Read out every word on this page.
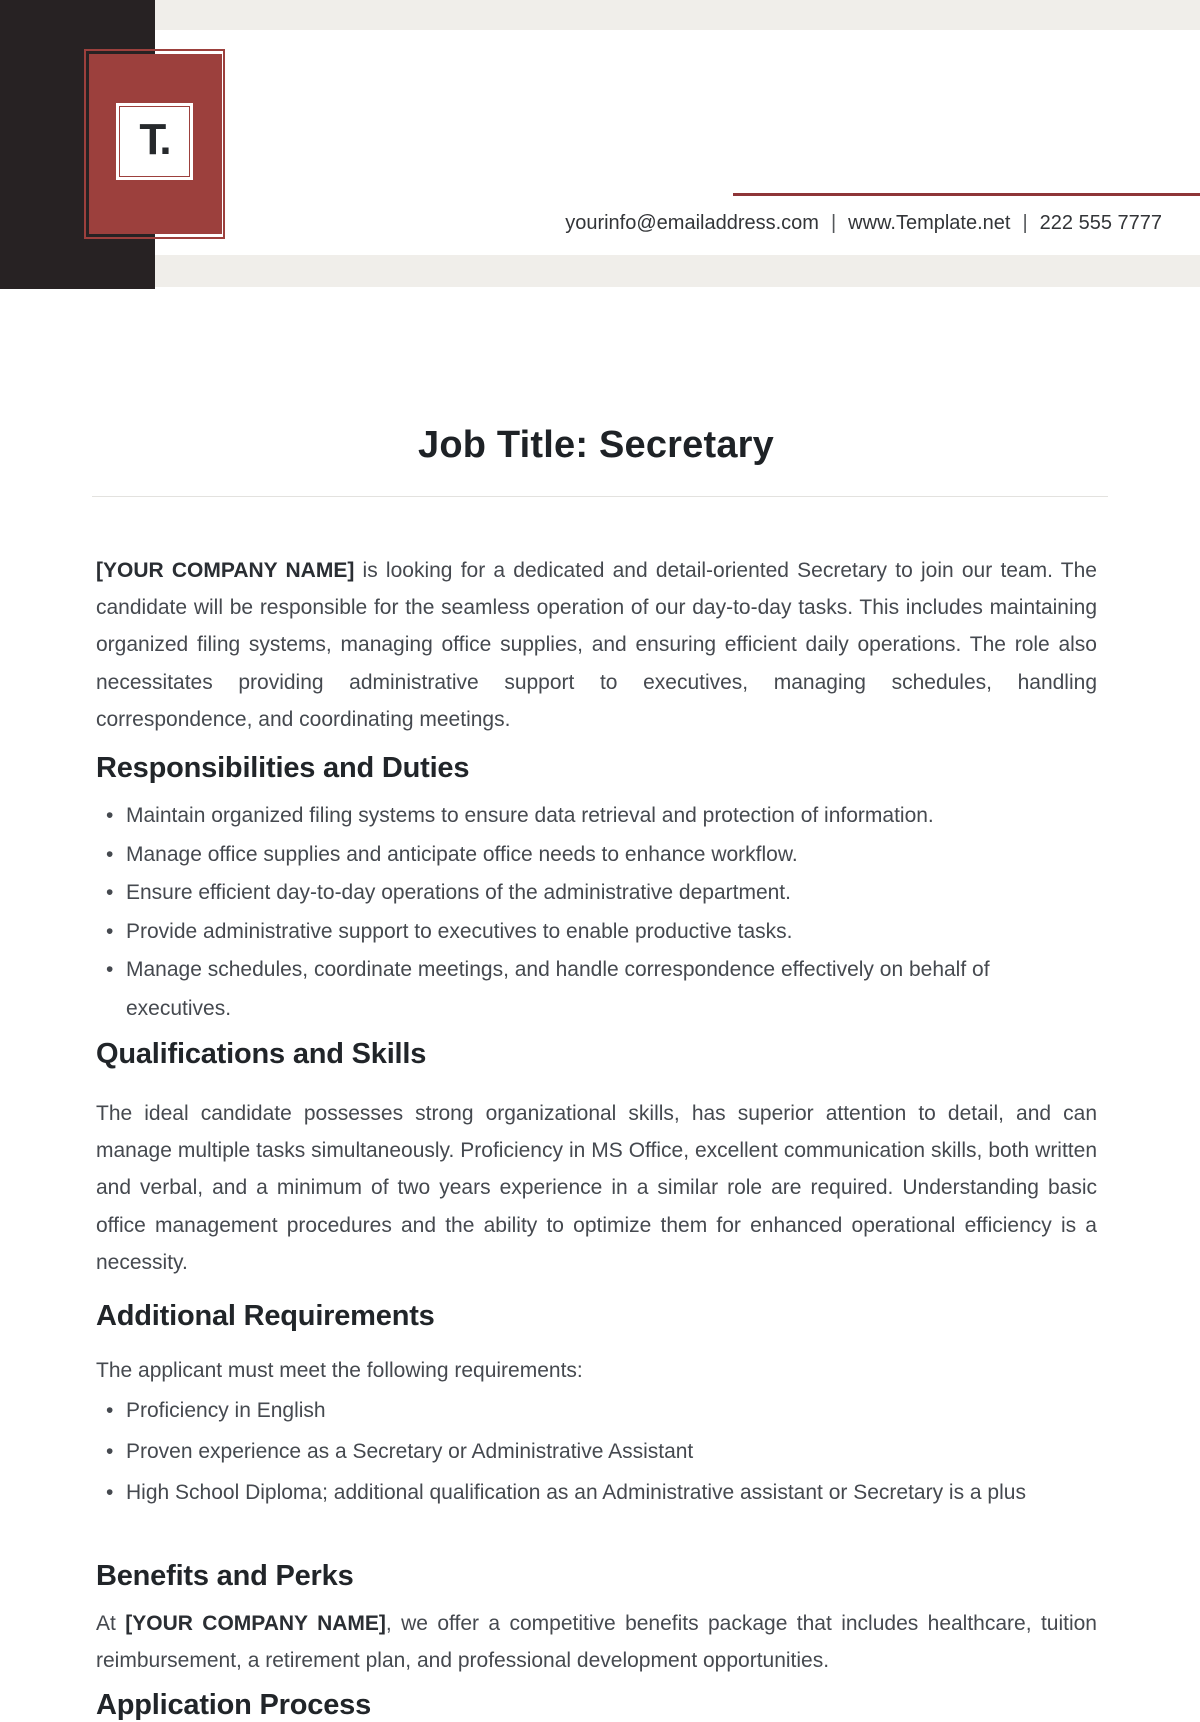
T.
yourinfo@emailaddress.com | www.Template.net | 222 555 7777
Job Title: Secretary

[YOUR COMPANY NAME] is looking for a dedicated and detail-oriented Secretary to join our team. The candidate will be responsible for the seamless operation of our day-to-day tasks. This includes maintaining organized filing systems, managing office supplies, and ensuring efficient daily operations. The role also necessitates providing administrative support to executives, managing schedules, handling correspondence, and coordinating meetings.

Responsibilities and Duties
• Maintain organized filing systems to ensure data retrieval and protection of information.
• Manage office supplies and anticipate office needs to enhance workflow.
• Ensure efficient day-to-day operations of the administrative department.
• Provide administrative support to executives to enable productive tasks.
• Manage schedules, coordinate meetings, and handle correspondence effectively on behalf of executives.
Qualifications and Skills

The ideal candidate possesses strong organizational skills, has superior attention to detail, and can manage multiple tasks simultaneously. Proficiency in MS Office, excellent communication skills, both written and verbal, and a minimum of two years experience in a similar role are required. Understanding basic office management procedures and the ability to optimize them for enhanced operational efficiency is a necessity.

Additional Requirements

The applicant must meet the following requirements:

• Proficiency in English
• Proven experience as a Secretary or Administrative Assistant
• High School Diploma; additional qualification as an Administrative assistant or Secretary is a plus
Benefits and Perks

At [YOUR COMPANY NAME], we offer a competitive benefits package that includes healthcare, tuition reimbursement, a retirement plan, and professional development opportunities.

Application Process
